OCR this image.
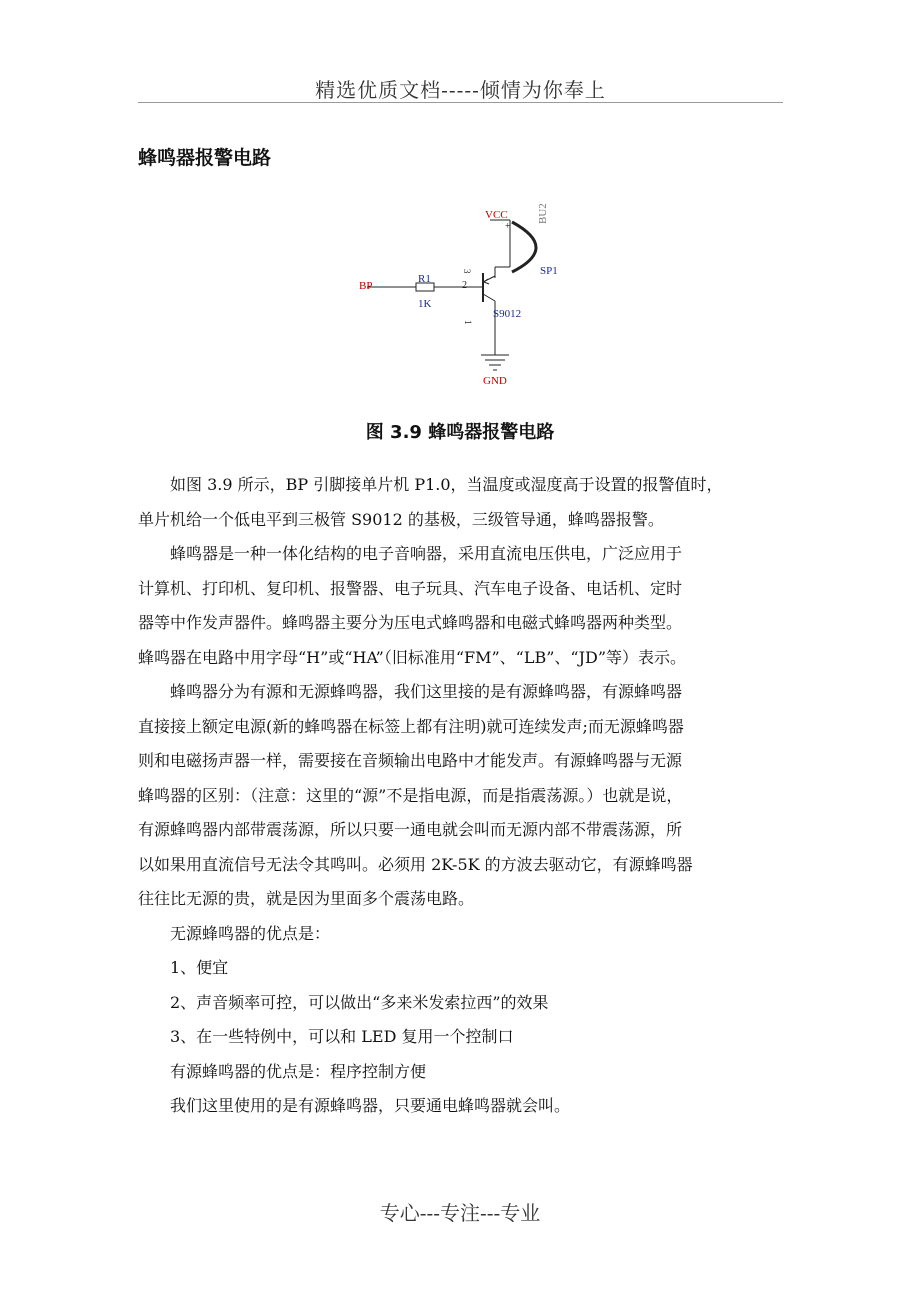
精选优质文档-----倾情为你奉上
蜂鸣器报警电路
VCC
+
BU2
SP1
BP
R1
1K
3
2
1
S9012
GND
图 3.9 蜂鸣器报警电路

如图 3.9 所示，BP 引脚接单片机 P1.0，当温度或湿度高于设置的报警值时，

单片机给一个低电平到三极管 S9012 的基极，三级管导通，蜂鸣器报警。

蜂鸣器是一种一体化结构的电子音响器，采用直流电压供电，广泛应用于

计算机、打印机、复印机、报警器、电子玩具、汽车电子设备、电话机、定时

器等中作发声器件。蜂鸣器主要分为压电式蜂鸣器和电磁式蜂鸣器两种类型。

蜂鸣器在电路中用字母“H”或“HA”（旧标准用“FM”、“LB”、“JD”等）表示。

蜂鸣器分为有源和无源蜂鸣器，我们这里接的是有源蜂鸣器，有源蜂鸣器

直接接上额定电源(新的蜂鸣器在标签上都有注明)就可连续发声;而无源蜂鸣器

则和电磁扬声器一样，需要接在音频输出电路中才能发声。有源蜂鸣器与无源

蜂鸣器的区别：（注意：这里的“源”不是指电源，而是指震荡源。）也就是说，

有源蜂鸣器内部带震荡源，所以只要一通电就会叫而无源内部不带震荡源，所

以如果用直流信号无法令其鸣叫。必须用 2K-5K 的方波去驱动它，有源蜂鸣器

往往比无源的贵，就是因为里面多个震荡电路。

无源蜂鸣器的优点是：

1、便宜

2、声音频率可控，可以做出“多来米发索拉西”的效果

3、在一些特例中，可以和 LED 复用一个控制口

有源蜂鸣器的优点是：程序控制方便

我们这里使用的是有源蜂鸣器，只要通电蜂鸣器就会叫。

专心---专注---专业
